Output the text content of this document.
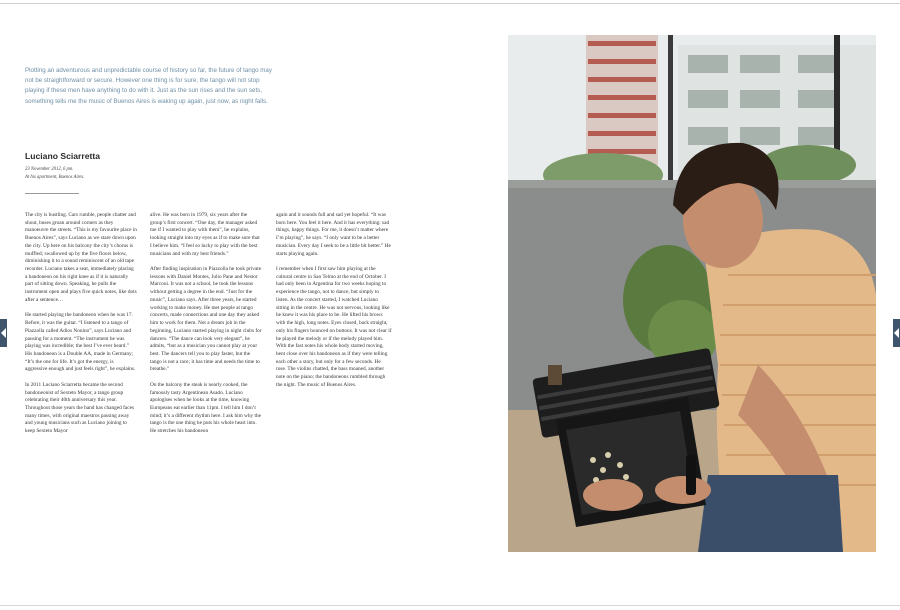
Plotting an adventurous and unpredictable course of history so far, the future of tango may not be straightforward or secure. However one thing is for sure, the tango will not stop playing if these men have anything to do with it. Just as the sun rises and the sun sets, something tells me the music of Buenos Aires is waking up again, just now, as night falls.

Luciano Sciarretta
23 November 2012, 6 pm.
At his apartment, Buenos Aires.

The city is bustling. Cars rumble, people chatter and shout, buses groan around corners as they manoeuvre the streets. “This is my favourite place in Buenos Aires”, says Luciano as we stare down upon the city. Up here on his balcony the city’s chorus is muffled; swallowed up by the five floors below, diminishing it to a sound reminiscent of an old tape recorder. Luciano takes a seat, immediately placing a bandoneon on his right knee as if it is naturally part of sitting down. Speaking, he pulls the instrument open and plays five quick notes, like dots after a sentence…

He started playing the bandoneon when he was 17. Before, it was the guitar. “I listened to a tango of Piazzolla called Adios Nonino”, says Luciano and pausing for a moment. “The instrument he was playing was incredible; the best I’ve ever heard.” His bandoneon is a Double AA, made in Germany; “It’s the one for life. It’s got the energy, is aggressive enough and just feels right”, he explains.

In 2011 Luciano Sciarretta became the second bandoneonist of Sexteto Mayor, a tango group celebrating their 40th anniversary this year. Throughout those years the band has changed faces many times, with original maestros passing away and young musicians such as Luciano joining to keep Sexteto Mayor

alive. He was born in 1979, six years after the group’s first concert. “One day, the manager asked me if I wanted to play with them”, he explains, looking straight into my eyes as if to make sure that I believe him. “I feel so lucky to play with the best musicians and with my best friends.”

After finding inspiration in Piazzolla he took private lessons with Daniel Montes, Julio Pane and Nestor Marconi. It was not a school, he took the lessons without getting a degree in the end. “Just for the music”, Luciano says. After three years, he started working to make money. He met people at tango concerts, made connections and one day they asked him to work for them. Not a dream job in the beginning, Luciano started playing in night clubs for dancers. “The dance can look very elegant”, he admits, “but as a musician you cannot play at your best. The dancers tell you to play faster, but the tango is not a race; it has time and needs the time to breathe.”

On the balcony the steak is nearly cooked, the famously tasty Argentinean Asado. Luciano apologises when he looks at the time, knowing Europeans eat earlier than 11pm. I tell him I don’t mind; it’s a different rhythm here. I ask him why the tango is the one thing he puts his whole heart into. He stretches his bandoneon

again and it sounds full and sad yet hopeful. “It was born here. You feel it here. And it has everything: sad things, happy things. For me, it doesn’t matter where I’m playing”, he says. “I only want to be a better musician. Every day I seek to be a little bit better.” He starts playing again.

I remember when I first saw him playing at the cultural centre in San Telmo at the end of October. I had only been in Argentina for two weeks hoping to experience the tango, not to dance, but simply to listen. As the concert started, I watched Luciano sitting in the centre. He was not nervous, looking like he knew it was his place to be. He lifted his brows with the high, long notes. Eyes closed, back straight, only his fingers bounced on buttons. It was not clear if he played the melody or if the melody played him. With the fast notes his whole body started moving, bent close over his bandoneon as if they were telling each other a story, but only for a few seconds. He rose. The violins chatted, the bass moaned, another note on the piano; the bandoneons rumbled through the night. The music of Buenos Aires.
